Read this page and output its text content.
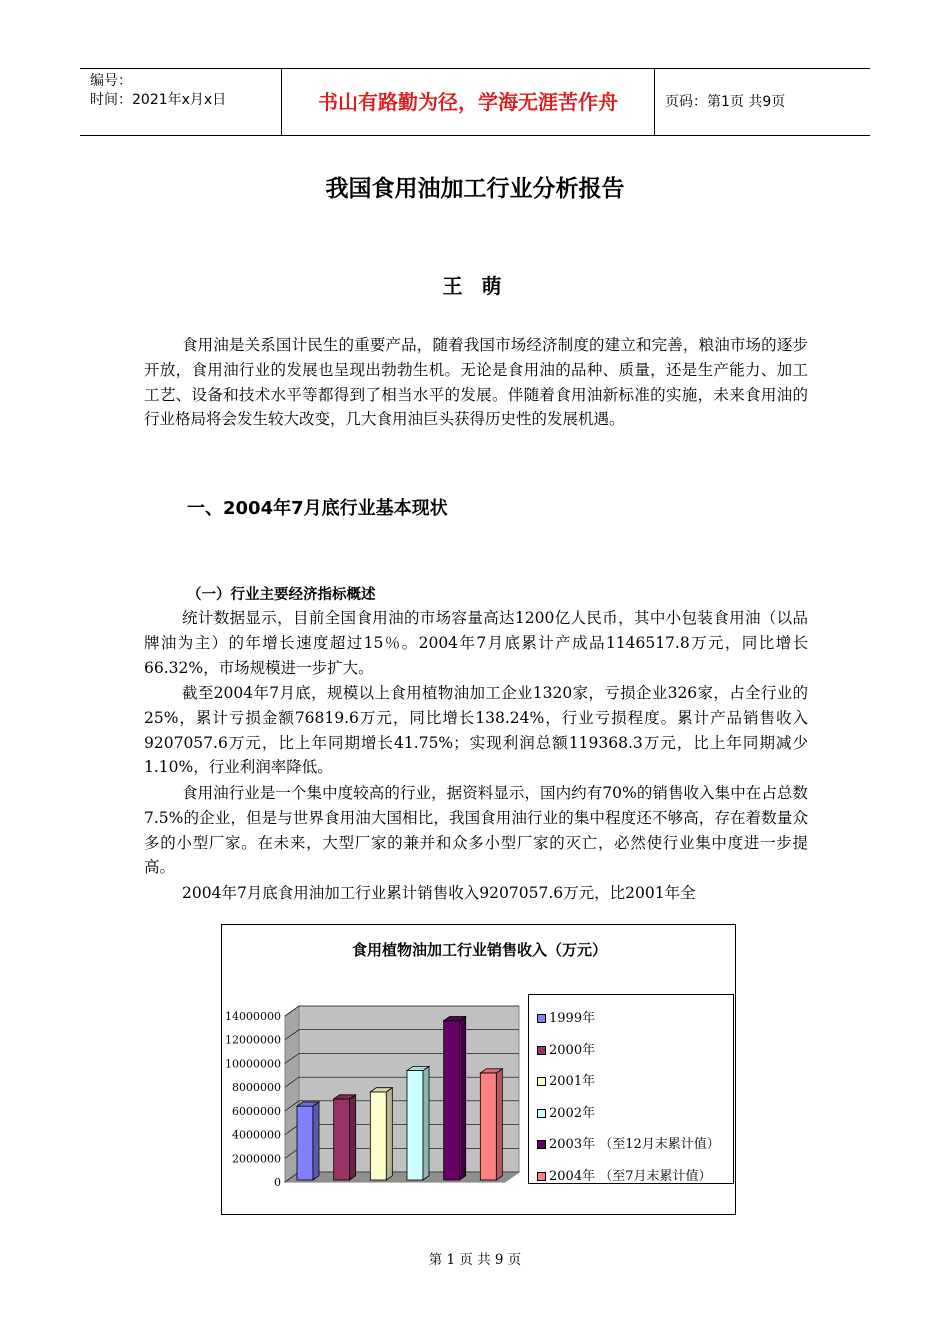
编号：
时间：2021年x月x日	书山有路勤为径，学海无涯苦作舟	页码：第1页 共9页
我国食用油加工行业分析报告
王 萌
食用油是关系国计民生的重要产品，随着我国市场经济制度的建立和完善，粮油市场的逐步开放，食用油行业的发展也呈现出勃勃生机。无论是食用油的品种、质量，还是生产能力、加工工艺、设备和技术水平等都得到了相当水平的发展。伴随着食用油新标准的实施，未来食用油的行业格局将会发生较大改变，几大食用油巨头获得历史性的发展机遇。
一、2004年7月底行业基本现状
（一）行业主要经济指标概述
统计数据显示，目前全国食用油的市场容量高达1200亿人民币，其中小包装食用油（以品牌油为主）的年增长速度超过15％。2004年7月底累计产成品1146517.8万元，同比增长66.32%，市场规模进一步扩大。
截至2004年7月底，规模以上食用植物油加工企业1320家，亏损企业326家，占全行业的25%，累计亏损金额76819.6万元，同比增长138.24%，行业亏损程度。累计产品销售收入9207057.6万元，比上年同期增长41.75%；实现利润总额119368.3万元，比上年同期减少1.10%，行业利润率降低。
食用油行业是一个集中度较高的行业，据资料显示，国内约有70%的销售收入集中在占总数7.5%的企业，但是与世界食用油大国相比，我国食用油行业的集中程度还不够高，存在着数量众多的小型厂家。在未来，大型厂家的兼并和众多小型厂家的灭亡，必然使行业集中度进一步提高。
2004年7月底食用油加工行业累计销售收入9207057.6万元，比2001年全
食用植物油加工行业销售收入（万元）
0
2000000
4000000
6000000
8000000
10000000
12000000
14000000	1999年
2000年
2001年
2002年
2003年 （至12月末累计值）
2004年 （至7月末累计值）
第 1 页 共 9 页
